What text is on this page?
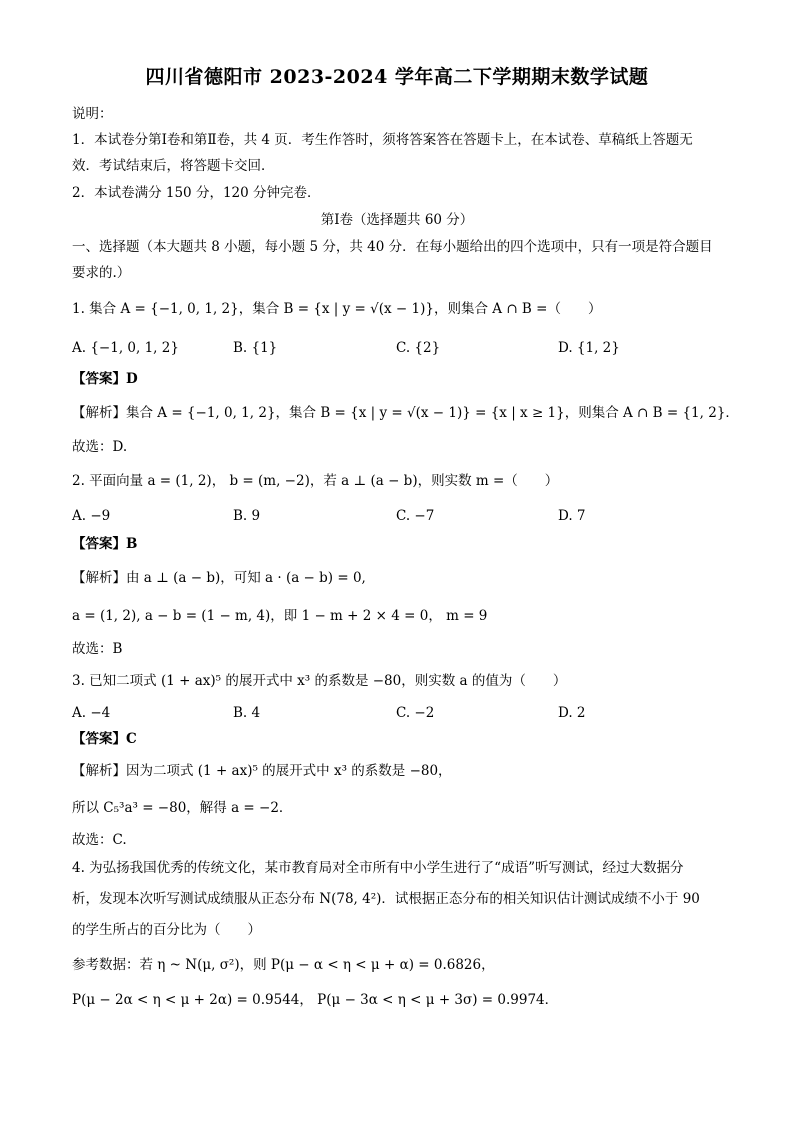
四川省德阳市 2023-2024 学年高二下学期期末数学试题
说明：
1．本试卷分第Ⅰ卷和第Ⅱ卷，共 4 页．考生作答时，须将答案答在答题卡上，在本试卷、草稿纸上答题无
效．考试结束后，将答题卡交回．
2．本试卷满分 150 分，120 分钟完卷．
第Ⅰ卷（选择题共 60 分）
一、选择题（本大题共 8 小题，每小题 5 分，共 40 分．在每小题给出的四个选项中，只有一项是符合题目
要求的.）
1. 集合 A = {−1, 0, 1, 2}，集合 B = {x | y = √(x − 1)}，则集合 A ∩ B =（　　）
A. {−1, 0, 1, 2}	B. {1}	C. {2}	D. {1, 2}
【答案】D
【解析】集合 A = {−1, 0, 1, 2}，集合 B = {x | y = √(x − 1)} = {x | x ≥ 1}，则集合 A ∩ B = {1, 2}．
故选：D.
2. 平面向量 a = (1, 2)， b = (m, −2)，若 a ⊥ (a − b)，则实数 m =（　　）
A. −9	B. 9	C. −7	D. 7
【答案】B
【解析】由 a ⊥ (a − b)，可知 a · (a − b) = 0,
a = (1, 2), a − b = (1 − m, 4)，即 1 − m + 2 × 4 = 0， m = 9
故选：B
3. 已知二项式 (1 + ax)⁵ 的展开式中 x³ 的系数是 −80，则实数 a 的值为（　　）
A. −4	B. 4	C. −2	D. 2
【答案】C
【解析】因为二项式 (1 + ax)⁵ 的展开式中 x³ 的系数是 −80，
所以 C₅³a³ = −80，解得 a = −2．
故选：C.
4. 为弘扬我国优秀的传统文化，某市教育局对全市所有中小学生进行了“成语”听写测试，经过大数据分
析，发现本次听写测试成绩服从正态分布 N(78, 4²)．试根据正态分布的相关知识估计测试成绩不小于 90
的学生所占的百分比为（　　）
参考数据：若 η ~ N(μ, σ²)，则 P(μ − α < η < μ + α) = 0.6826，
P(μ − 2α < η < μ + 2α) = 0.9544， P(μ − 3α < η < μ + 3σ) = 0.9974．
